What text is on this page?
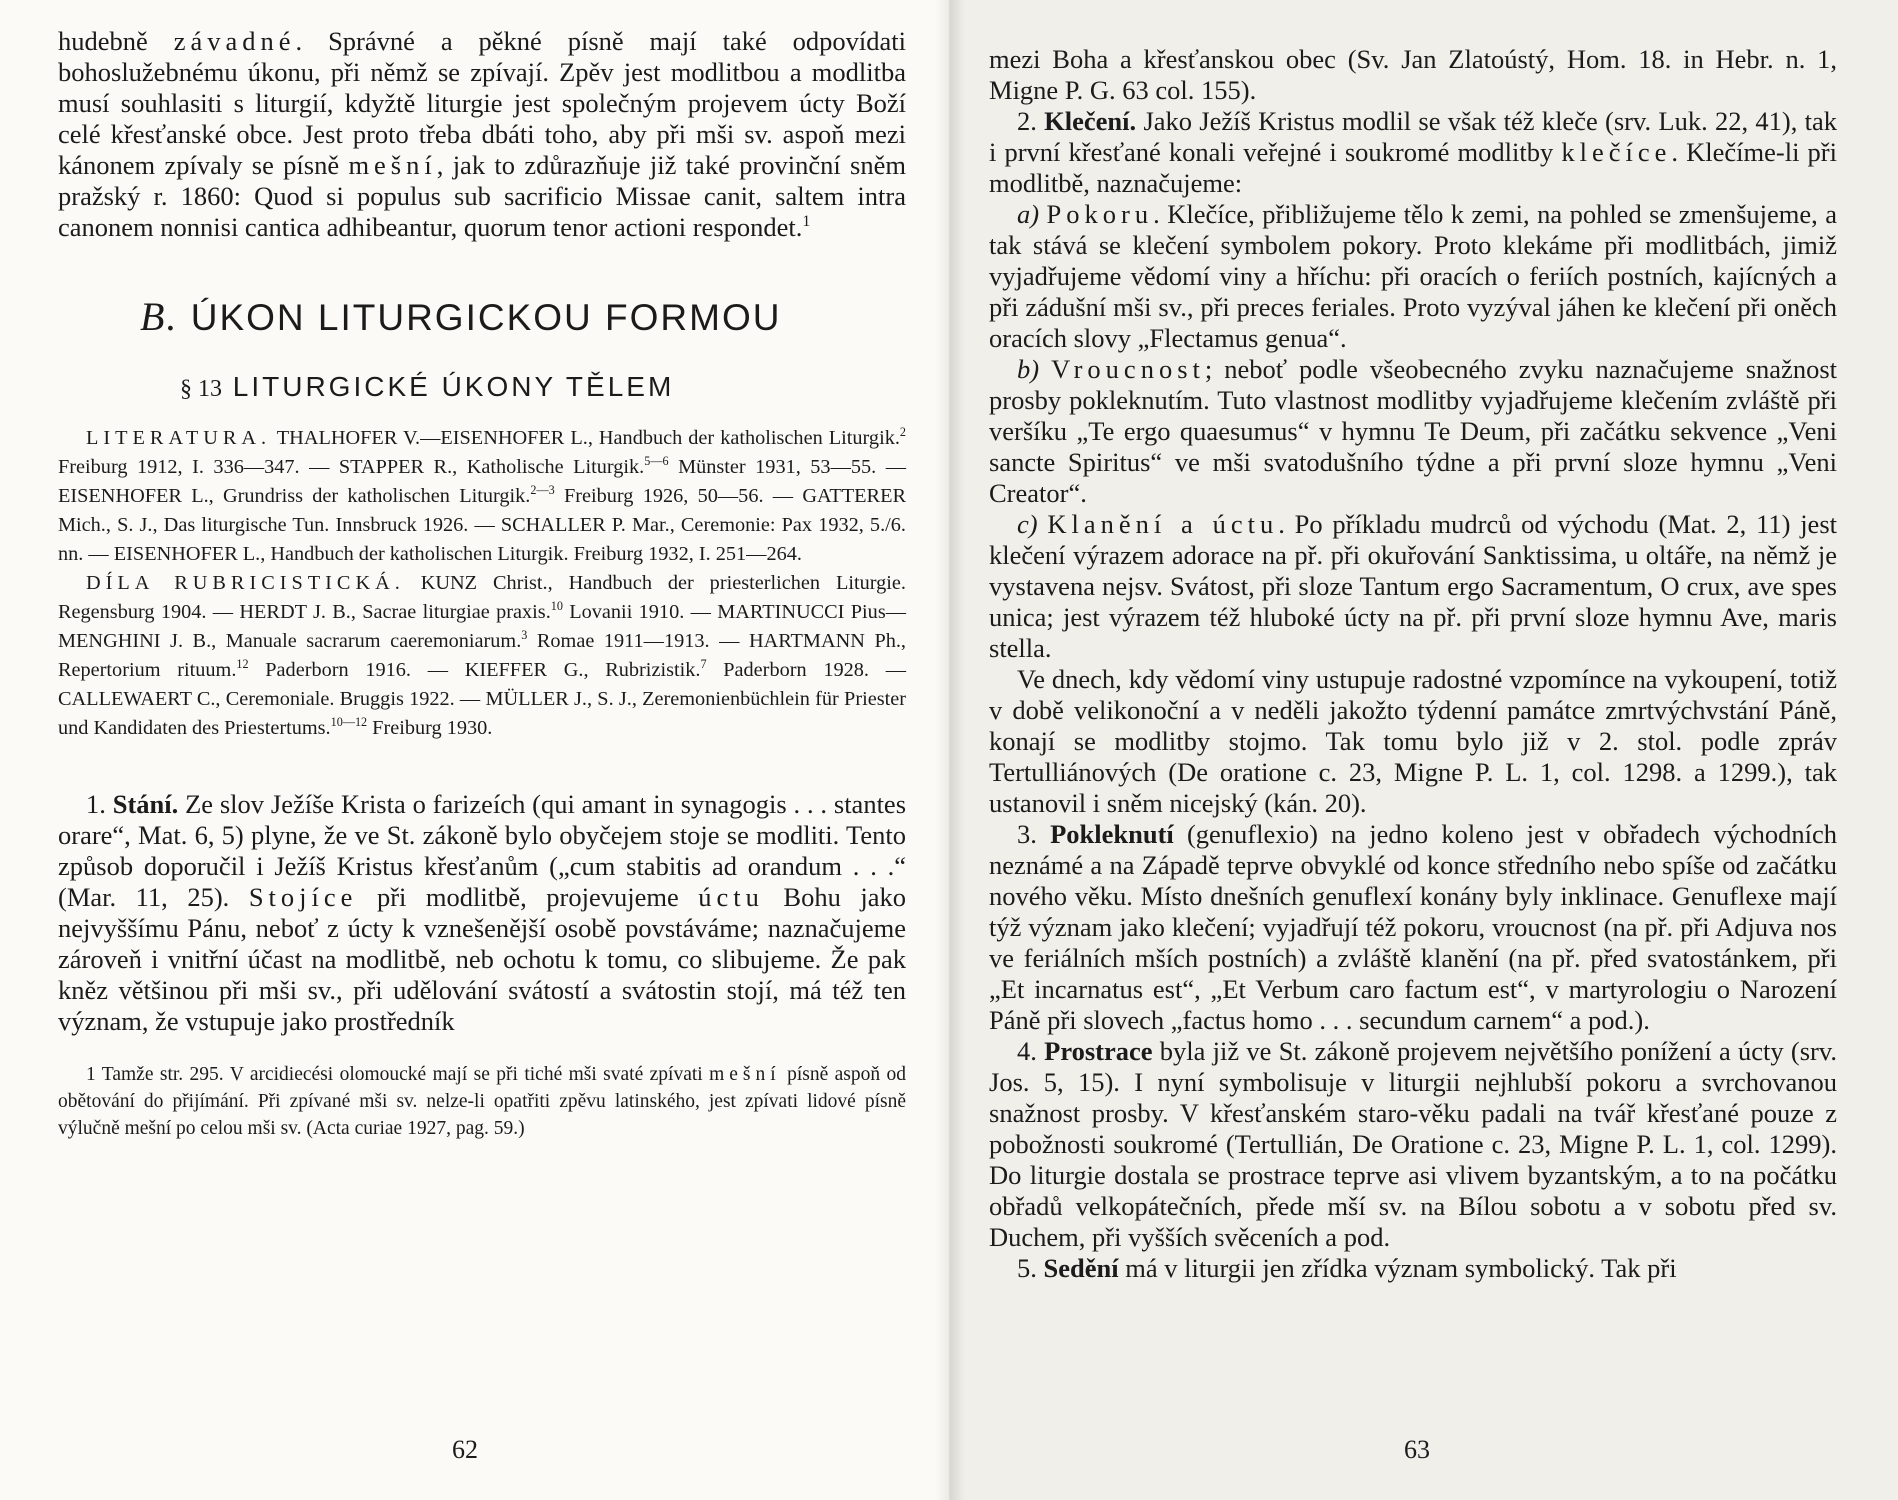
hudebně závadné. Správné a pěkné písně mají také odpovídati bohoslužebnému úkonu, při němž se zpívají. Zpěv jest modlitbou a modlitba musí souhlasiti s liturgií, kdyžtě liturgie jest společným projevem úcty Boží celé křesťanské obce. Jest proto třeba dbáti toho, aby při mši sv. aspoň mezi kánonem zpívaly se písně mešní, jak to zdůrazňuje již také provinční sněm pražský r. 1860: Quod si populus sub sacrificio Missae canit, saltem intra canonem nonnisi cantica adhibeantur, quorum tenor actioni respondet.$^1$

B. ÚKON LITURGICKOU FORMOU
§ 13 LITURGICKÉ ÚKONY TĚLEM

LITERATURA. THALHOFER V.—EISENHOFER L., Handbuch der katholischen Liturgik.$^2$ Freiburg 1912, I. 336—347. — STAPPER R., Katholische Liturgik.$^{5—6}$ Münster 1931, 53—55. — EISENHOFER L., Grundriss der katholischen Liturgik.$^{2—3}$ Freiburg 1926, 50—56. — GATTERER Mich., S. J., Das liturgische Tun. Innsbruck 1926. — SCHALLER P. Mar., Ceremonie: Pax 1932, 5./6. nn. — EISENHOFER L., Handbuch der katholischen Liturgik. Freiburg 1932, I. 251—264.

DÍLA RUBRICISTICKÁ. KUNZ Christ., Handbuch der priesterlichen Liturgie. Regensburg 1904. — HERDT J. B., Sacrae liturgiae praxis.$^{10}$ Lovanii 1910. — MARTINUCCI Pius—MENGHINI J. B., Manuale sacrarum caeremoniarum.$^3$ Romae 1911—1913. — HARTMANN Ph., Repertorium rituum.$^{12}$ Paderborn 1916. — KIEFFER G., Rubrizistik.$^7$ Paderborn 1928. — CALLEWAERT C., Ceremoniale. Bruggis 1922. — MÜLLER J., S. J., Zeremonienbüchlein für Priester und Kandidaten des Priestertums.$^{10—12}$ Freiburg 1930.

1. Stání. Ze slov Ježíše Krista o farizeích (qui amant in synagogis . . . stantes orare“, Mat. 6, 5) plyne, že ve St. zákoně bylo obyčejem stoje se modliti. Tento způsob doporučil i Ježíš Kristus křesťanům („cum stabitis ad orandum . . .“ (Mar. 11, 25). Stojíce při modlitbě, projevujeme úctu Bohu jako nejvyššímu Pánu, neboť z úcty k vznešenější osobě povstáváme; naznačujeme zároveň i vnitřní účast na modlitbě, neb ochotu k tomu, co slibujeme. Že pak kněz většinou při mši sv., při udělování svátostí a svátostin stojí, má též ten význam, že vstupuje jako prostředník

1 Tamže str. 295. V arcidiecési olomoucké mají se při tiché mši svaté zpívati mešní písně aspoň od obětování do přijímání. Při zpívané mši sv. nelze-li opatřiti zpěvu latinského, jest zpívati lidové písně výlučně mešní po celou mši sv. (Acta curiae 1927, pag. 59.)

62

mezi Boha a křesťanskou obec (Sv. Jan Zlatoústý, Hom. 18. in Hebr. n. 1, Migne P. G. 63 col. 155).

2. Klečení. Jako Ježíš Kristus modlil se však též kleče (srv. Luk. 22, 41), tak i první křesťané konali veřejné i soukromé modlitby klečíce. Klečíme-li při modlitbě, naznačujeme:

a) Pokoru. Klečíce, přibližujeme tělo k zemi, na pohled se zmenšujeme, a tak stává se klečení symbolem pokory. Proto klekáme při modlitbách, jimiž vyjadřujeme vědomí viny a hříchu: při oracích o feriích postních, kajícných a při zádušní mši sv., při preces feriales. Proto vyzýval jáhen ke klečení při oněch oracích slovy „Flectamus genua“.

b) Vroucnost; neboť podle všeobecného zvyku naznačujeme snažnost prosby pokleknutím. Tuto vlastnost modlitby vyjadřujeme klečením zvláště při veršíku „Te ergo quaesumus“ v hymnu Te Deum, při začátku sekvence „Veni sancte Spiritus“ ve mši svatodušního týdne a při první sloze hymnu „Veni Creator“.

c) Klanění a úctu. Po příkladu mudrců od východu (Mat. 2, 11) jest klečení výrazem adorace na př. při okuřování Sanktissima, u oltáře, na němž je vystavena nejsv. Svátost, při sloze Tantum ergo Sacramentum, O crux, ave spes unica; jest výrazem též hluboké úcty na př. při první sloze hymnu Ave, maris stella.

Ve dnech, kdy vědomí viny ustupuje radostné vzpomínce na vykoupení, totiž v době velikonoční a v neděli jakožto týdenní památce zmrtvýchvstání Páně, konají se modlitby stojmo. Tak tomu bylo již v 2. stol. podle zpráv Tertulliánových (De oratione c. 23, Migne P. L. 1, col. 1298. a 1299.), tak ustanovil i sněm nicejský (kán. 20).

3. Pokleknutí (genuflexio) na jedno koleno jest v obřadech východních neznámé a na Západě teprve obvyklé od konce středního nebo spíše od začátku nového věku. Místo dnešních genuflexí konány byly inklinace. Genuflexe mají týž význam jako klečení; vyjadřují též pokoru, vroucnost (na př. při Adjuva nos ve feriálních mších postních) a zvláště klanění (na př. před svatostánkem, při „Et incarnatus est“, „Et Verbum caro factum est“, v martyrologiu o Narození Páně při slovech „factus homo . . . secundum carnem“ a pod.).

4. Prostrace byla již ve St. zákoně projevem největšího ponížení a úcty (srv. Jos. 5, 15). I nyní symbolisuje v liturgii nejhlubší pokoru a svrchovanou snažnost prosby. V křesťanském staro-věku padali na tvář křesťané pouze z pobožnosti soukromé (Tertullián, De Oratione c. 23, Migne P. L. 1, col. 1299). Do liturgie dostala se prostrace teprve asi vlivem byzantským, a to na počátku obřadů velkopátečních, přede mší sv. na Bílou sobotu a v sobotu před sv. Duchem, při vyšších svěceních a pod.

5. Sedění má v liturgii jen zřídka význam symbolický. Tak při

63
